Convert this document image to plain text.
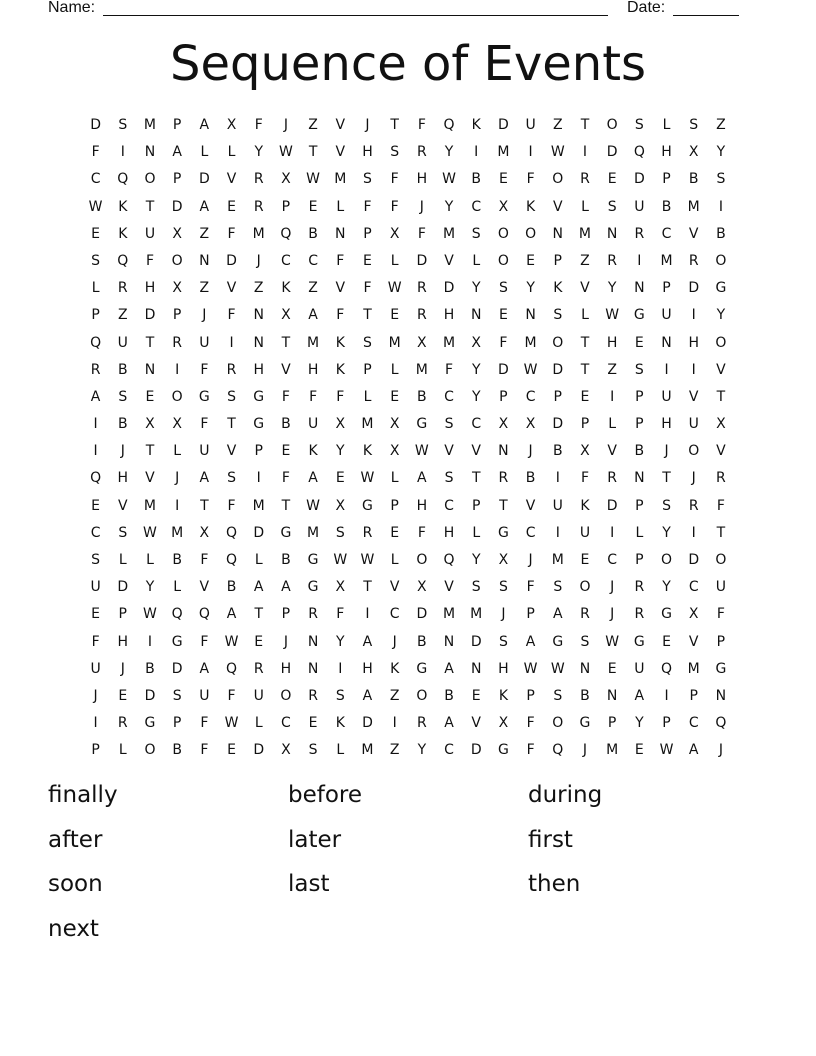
Name:	Date:
Sequence of Events
D	S	M	P	A	X	F	J	Z	V	J	T	F	Q	K	D	U	Z	T	O	S	L	S	Z
F	I	N	A	L	L	Y	W	T	V	H	S	R	Y	I	M	I	W	I	D	Q	H	X	Y
C	Q	O	P	D	V	R	X	W	M	S	F	H	W	B	E	F	O	R	E	D	P	B	S
W	K	T	D	A	E	R	P	E	L	F	F	J	Y	C	X	K	V	L	S	U	B	M	I
E	K	U	X	Z	F	M	Q	B	N	P	X	F	M	S	O	O	N	M	N	R	C	V	B
S	Q	F	O	N	D	J	C	C	F	E	L	D	V	L	O	E	P	Z	R	I	M	R	O
L	R	H	X	Z	V	Z	K	Z	V	F	W	R	D	Y	S	Y	K	V	Y	N	P	D	G
P	Z	D	P	J	F	N	X	A	F	T	E	R	H	N	E	N	S	L	W	G	U	I	Y
Q	U	T	R	U	I	N	T	M	K	S	M	X	M	X	F	M	O	T	H	E	N	H	O
R	B	N	I	F	R	H	V	H	K	P	L	M	F	Y	D	W	D	T	Z	S	I	I	V
A	S	E	O	G	S	G	F	F	F	L	E	B	C	Y	P	C	P	E	I	P	U	V	T
I	B	X	X	F	T	G	B	U	X	M	X	G	S	C	X	X	D	P	L	P	H	U	X
I	J	T	L	U	V	P	E	K	Y	K	X	W	V	V	N	J	B	X	V	B	J	O	V
Q	H	V	J	A	S	I	F	A	E	W	L	A	S	T	R	B	I	F	R	N	T	J	R
E	V	M	I	T	F	M	T	W	X	G	P	H	C	P	T	V	U	K	D	P	S	R	F
C	S	W	M	X	Q	D	G	M	S	R	E	F	H	L	G	C	I	U	I	L	Y	I	T
S	L	L	B	F	Q	L	B	G	W W	L	O	Q	Y	X	J	M	E	C	P	O	D	O
U	D	Y	L	V	B	A	A	G	X	T	V	X	V	S	S	F	S	O	J	R	Y	C	U
E	P	W	Q	Q	A	T	P	R	F	I	C	D	M	M	J	P	A	R	J	R	G	X	F
F	H	I	G	F	W	E	J	N	Y	A	J	B	N	D	S	A	G	S	W	G	E	V	P
U	J	B	D	A	Q	R	H	N	I	H	K	G	A	N	H	W W	N	E	U	Q	M	G
J	E	D	S	U	F	U	O	R	S	A	Z	O	B	E	K	P	S	B	N	A	I	P	N
I	R	G	P	F	W	L	C	E	K	D	I	R	A	V	X	F	O	G	P	Y	P	C	Q
P	L	O	B	F	E	D	X	S	L	M	Z	Y	C	D	G	F	Q	J	M	E	W	A	J
finally	before	during
after	later	first
soon	last	then
next
